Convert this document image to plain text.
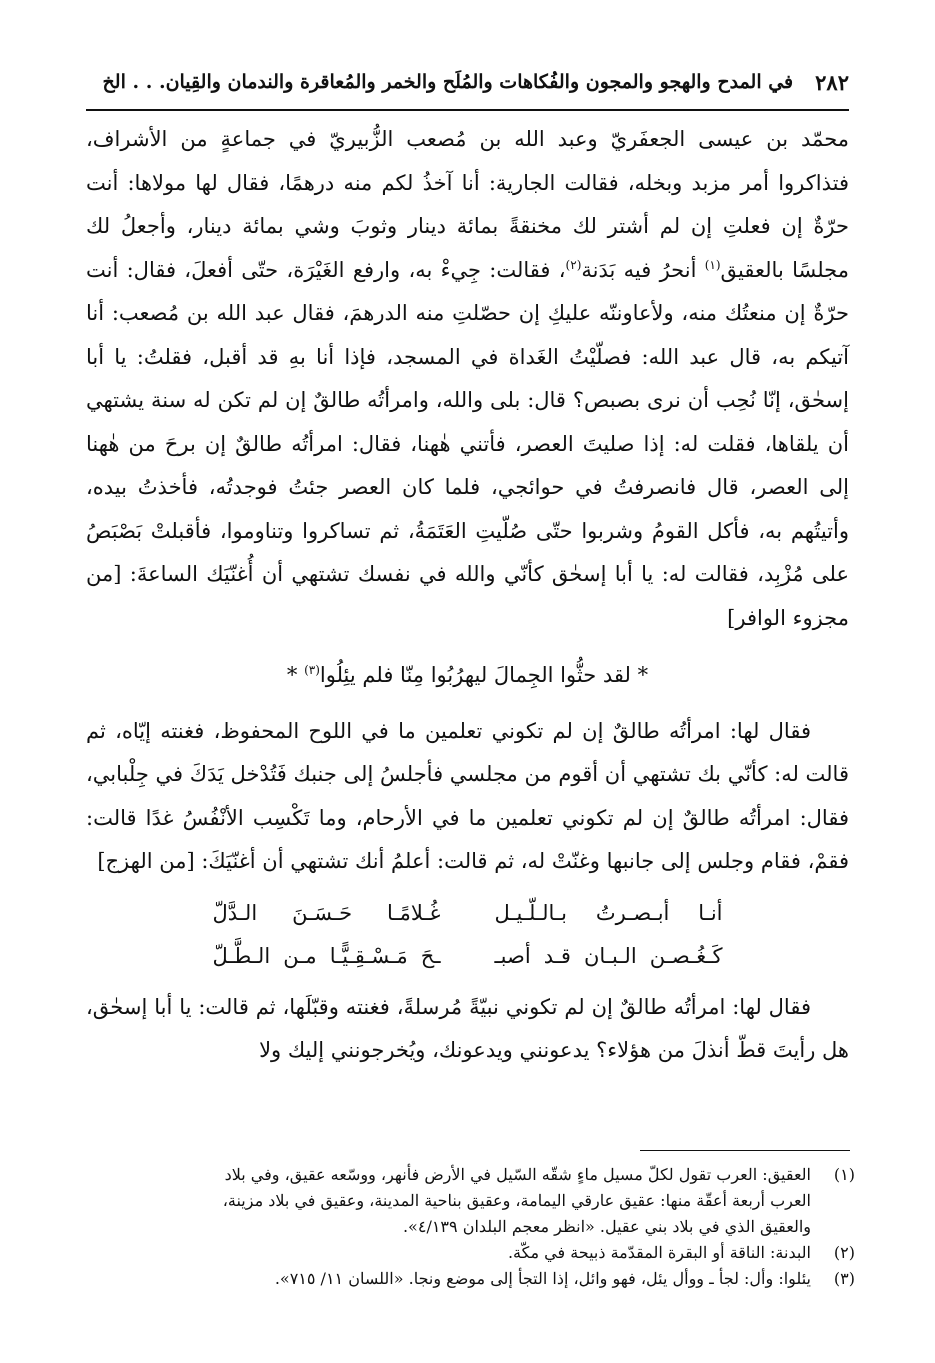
٢٨٢
في المدح والهجو والمجون والفُكاهات والمُلَح والخمر والمُعاقرة والندمان والقِيان. . . الخ

محمّد بن عيسى الجعفَريّ وعبد الله بن مُصعب الزُّبيريّ في جماعةٍ من الأشراف، فتذاكروا أمر مزبد وبخله، فقالت الجارية: أنا آخذُ لكم منه درهمًا، فقال لها مولاها: أنت حرّةٌ إن فعلتِ إن لم أشتر لك مخنقةً بمائة دينار وثوبَ وشي بمائة دينار، وأجعلُ لك مجلسًا بالعقيق$^{(١)}$ أنحرُ فيه بَدَنة$^{(٢)}$، فقالت: جِيءْ به، وارفع الغَيْرَة، حتّى أفعلَ، فقال: أنت حرّةٌ إن منعتُك منه، ولأعاوننّه عليكِ إن حصّلتِ منه الدرهمَ، فقال عبد الله بن مُصعب: أنا آتيكم به، قال عبد الله: فصلّيْتُ الغَداة في المسجد، فإذا أنا بهِ قد أقبل، فقلتُ: يا أبا إسحٰق، إنّا نُحِب أن نرى بصبص؟ قال: بلى والله، وامرأتُه طالقٌ إن لم تكن له سنة يشتهي أن يلقاها، فقلت له: إذا صليتَ العصر، فأتني هٰهنا، فقال: امرأتُه طالقٌ إن برحَ من هٰهنا إلى العصر، قال فانصرفتُ في حوائجي، فلما كان العصر جئتُ فوجدتُه، فأخذتُ بيده، وأتيتُهم به، فأكل القومُ وشربوا حتّى صُلّيتِ العَتَمَةُ، ثم تساكروا وتناوموا، فأقبلتْ بَصْبَصُ على مُزْبِد، فقالت له: يا أبا إسحٰق كأنّي والله في نفسك تشتهي أن أُغنّيَك الساعةَ: [من مجزوء الوافر]

* لقد حثُّوا الجِمالَ ليهرُبُوا مِنّا فلم يئِلُوا$^{(٣)}$ *

فقال لها: امرأتُه طالقٌ إن لم تكوني تعلمين ما في اللوح المحفوظ، فغنته إيّاه، ثم قالت له: كأنّي بك تشتهي أن أقوم من مجلسي فأجلسُ إلى جنبك فَتُدْخل يَدَكَ في جِلْبابي، فقال: امرأتُه طالقٌ إن لم تكوني تعلمين ما في الأرحام، وما تَكْسِب الأنْفُسُ غدًا قالت: فقمْ، فقام وجلس إلى جانبها وغنّتْ له، ثم قالت: أعلمُ أنك تشتهي أن أغنّيَكَ: [من الهزج]

أنـا أبـصـرتُ بـالـلّـيـل
غُـلامًـا حَـسَـنَ الـدَّلّ
كَـغُـصـن الـبـان قـد أصبـ
ـحَ مَـسْـقِـيًّـا مـن الـطَّـلّ

فقال لها: امرأتُه طالقٌ إن لم تكوني نبيّةً مُرسلةً، فغنته وقبّلَها، ثم قالت: يا أبا إسحٰق، هل رأيتَ قطّ أنذلَ من هؤلاء؟ يدعونني ويدعونك، ويُخرجونني إليك ولا

(١)
العقيق: العرب تقول لكلّ مسيل ماءٍ شقّه السّيل في الأرض فأنهر، ووسّعه عقيق، وفي بلاد
العرب أربعة أعقّة منها: عقيق عارقي اليمامة، وعقيق بناحية المدينة، وعقيق في بلاد مزينة،
والعقيق الذي في بلاد بني عقيل. «انظر معجم البلدان ٤/١٣٩».
(٢)
البدنة: الناقة أو البقرة المقدّمة ذبيحة في مكّة.
(٣)
يئلوا: وأل: لجأ ـ ووأل يئل، فهو وائل، إذا التجأ إلى موضع ونجا. «اللسان ١١/ ٧١٥».
